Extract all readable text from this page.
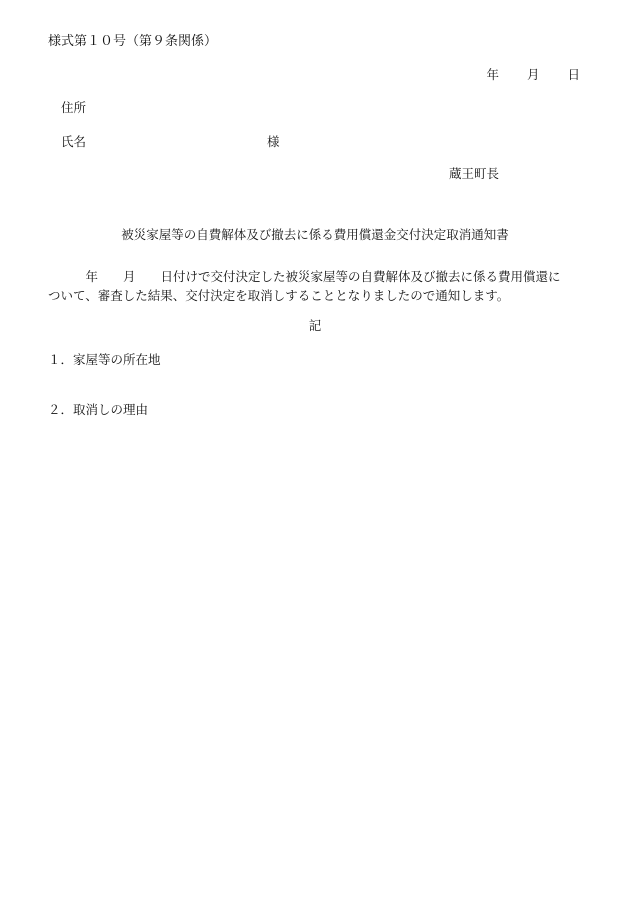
様式第１０号（第９条関係）
年 月 日
住所
氏名	様
蔵王町長
被災家屋等の自費解体及び撤去に係る費用償還金交付決定取消通知書
　　　年　　月　　日付けで交付決定した被災家屋等の自費解体及び撤去に係る費用償還に
ついて、審査した結果、交付決定を取消しすることとなりましたので通知します。
記
１．家屋等の所在地
２．取消しの理由
